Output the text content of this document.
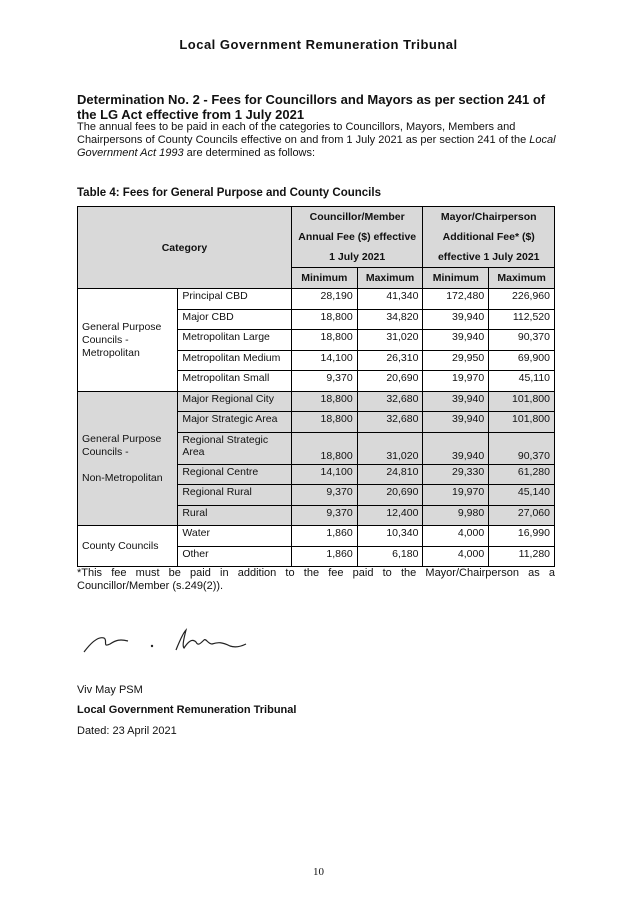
Local Government Remuneration Tribunal
Determination No. 2 - Fees for Councillors and Mayors as per section 241 of the LG Act effective from 1 July 2021
The annual fees to be paid in each of the categories to Councillors, Mayors, Members and Chairpersons of County Councils effective on and from 1 July 2021 as per section 241 of the Local Government Act 1993 are determined as follows:
Table 4: Fees for General Purpose and County Councils
Category		Councillor/Member Annual Fee ($) effective 1 July 2021		Mayor/Chairperson Additional Fee* ($) effective 1 July 2021	
		Minimum	Maximum	Minimum	Maximum
General Purpose Councils - Metropolitan	Principal CBD	28,190	41,340	172,480	226,960
	Major CBD	18,800	34,820	39,940	112,520
	Metropolitan Large	18,800	31,020	39,940	90,370
	Metropolitan Medium	14,100	26,310	29,950	69,900
	Metropolitan Small	9,370	20,690	19,970	45,110
General Purpose Councils -

Non-Metropolitan	Major Regional City	18,800	32,680	39,940	101,800
	Major Strategic Area	18,800	32,680	39,940	101,800
	Regional Strategic Area	18,800	31,020	39,940	90,370
	Regional Centre	14,100	24,810	29,330	61,280
	Regional Rural	9,370	20,690	19,970	45,140
	Rural	9,370	12,400	9,980	27,060
County Councils	Water	1,860	10,340	4,000	16,990
	Other	1,860	6,180	4,000	11,280
*This fee must be paid in addition to the fee paid to the Mayor/Chairperson as a Councillor/Member (s.249(2)).
Viv May PSM
Local Government Remuneration Tribunal
Dated: 23 April 2021
10
